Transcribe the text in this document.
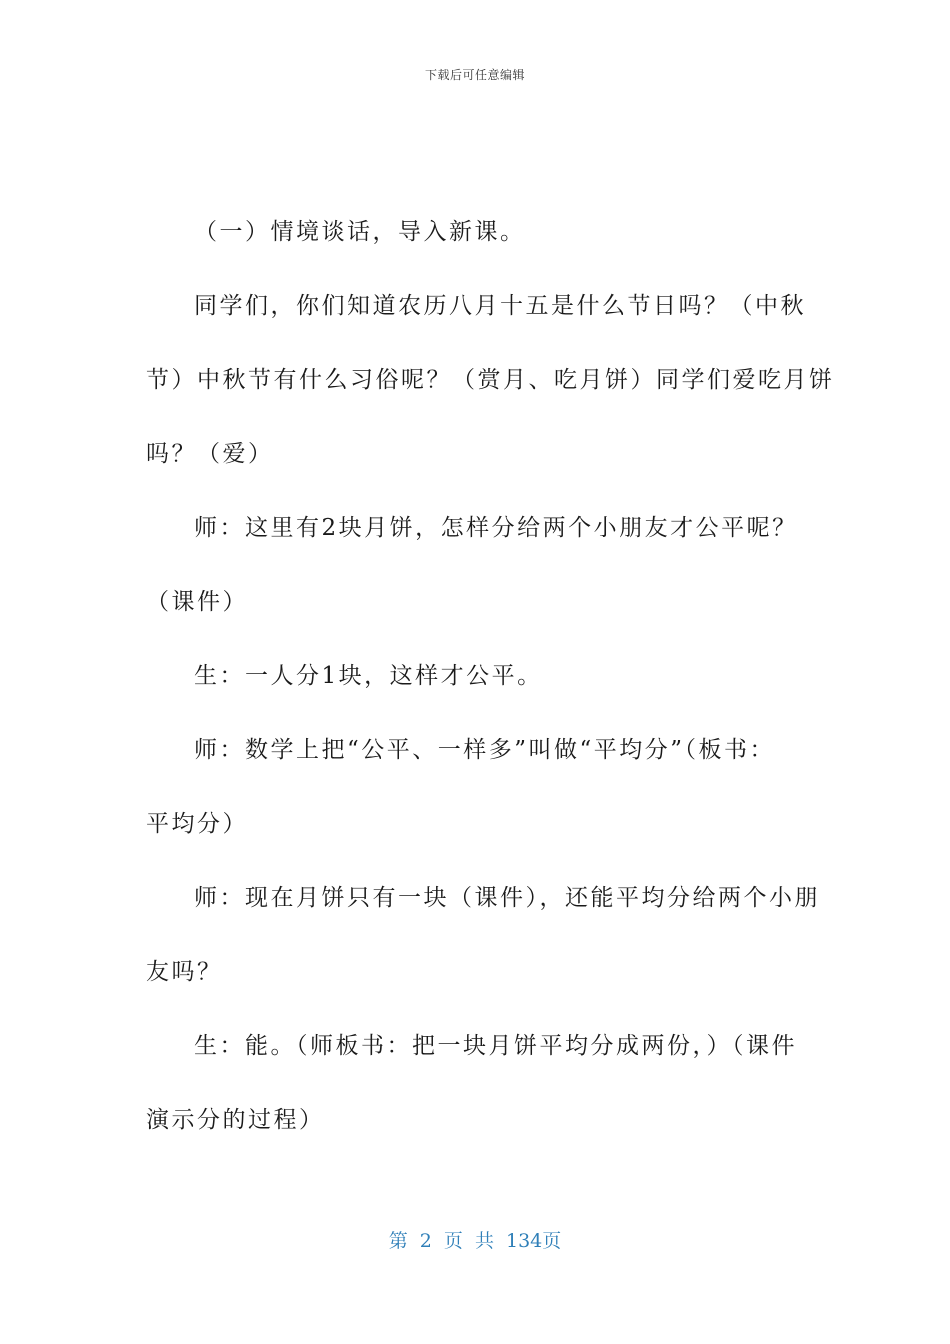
下载后可任意编辑
（一）情境谈话，导入新课。
同学们，你们知道农历八月十五是什么节日吗？（中秋
节）中秋节有什么习俗呢？（赏月、吃月饼）同学们爱吃月饼
吗？（爱）
师：这里有2块月饼，怎样分给两个小朋友才公平呢？
（课件）
生：一人分1块，这样才公平。
师：数学上把“公平、一样多”叫做“平均分”（板书：
平均分）
师：现在月饼只有一块（课件），还能平均分给两个小朋
友吗？
生：能。（师板书：把一块月饼平均分成两份，）（课件
演示分的过程）
第 2 页 共 134页
